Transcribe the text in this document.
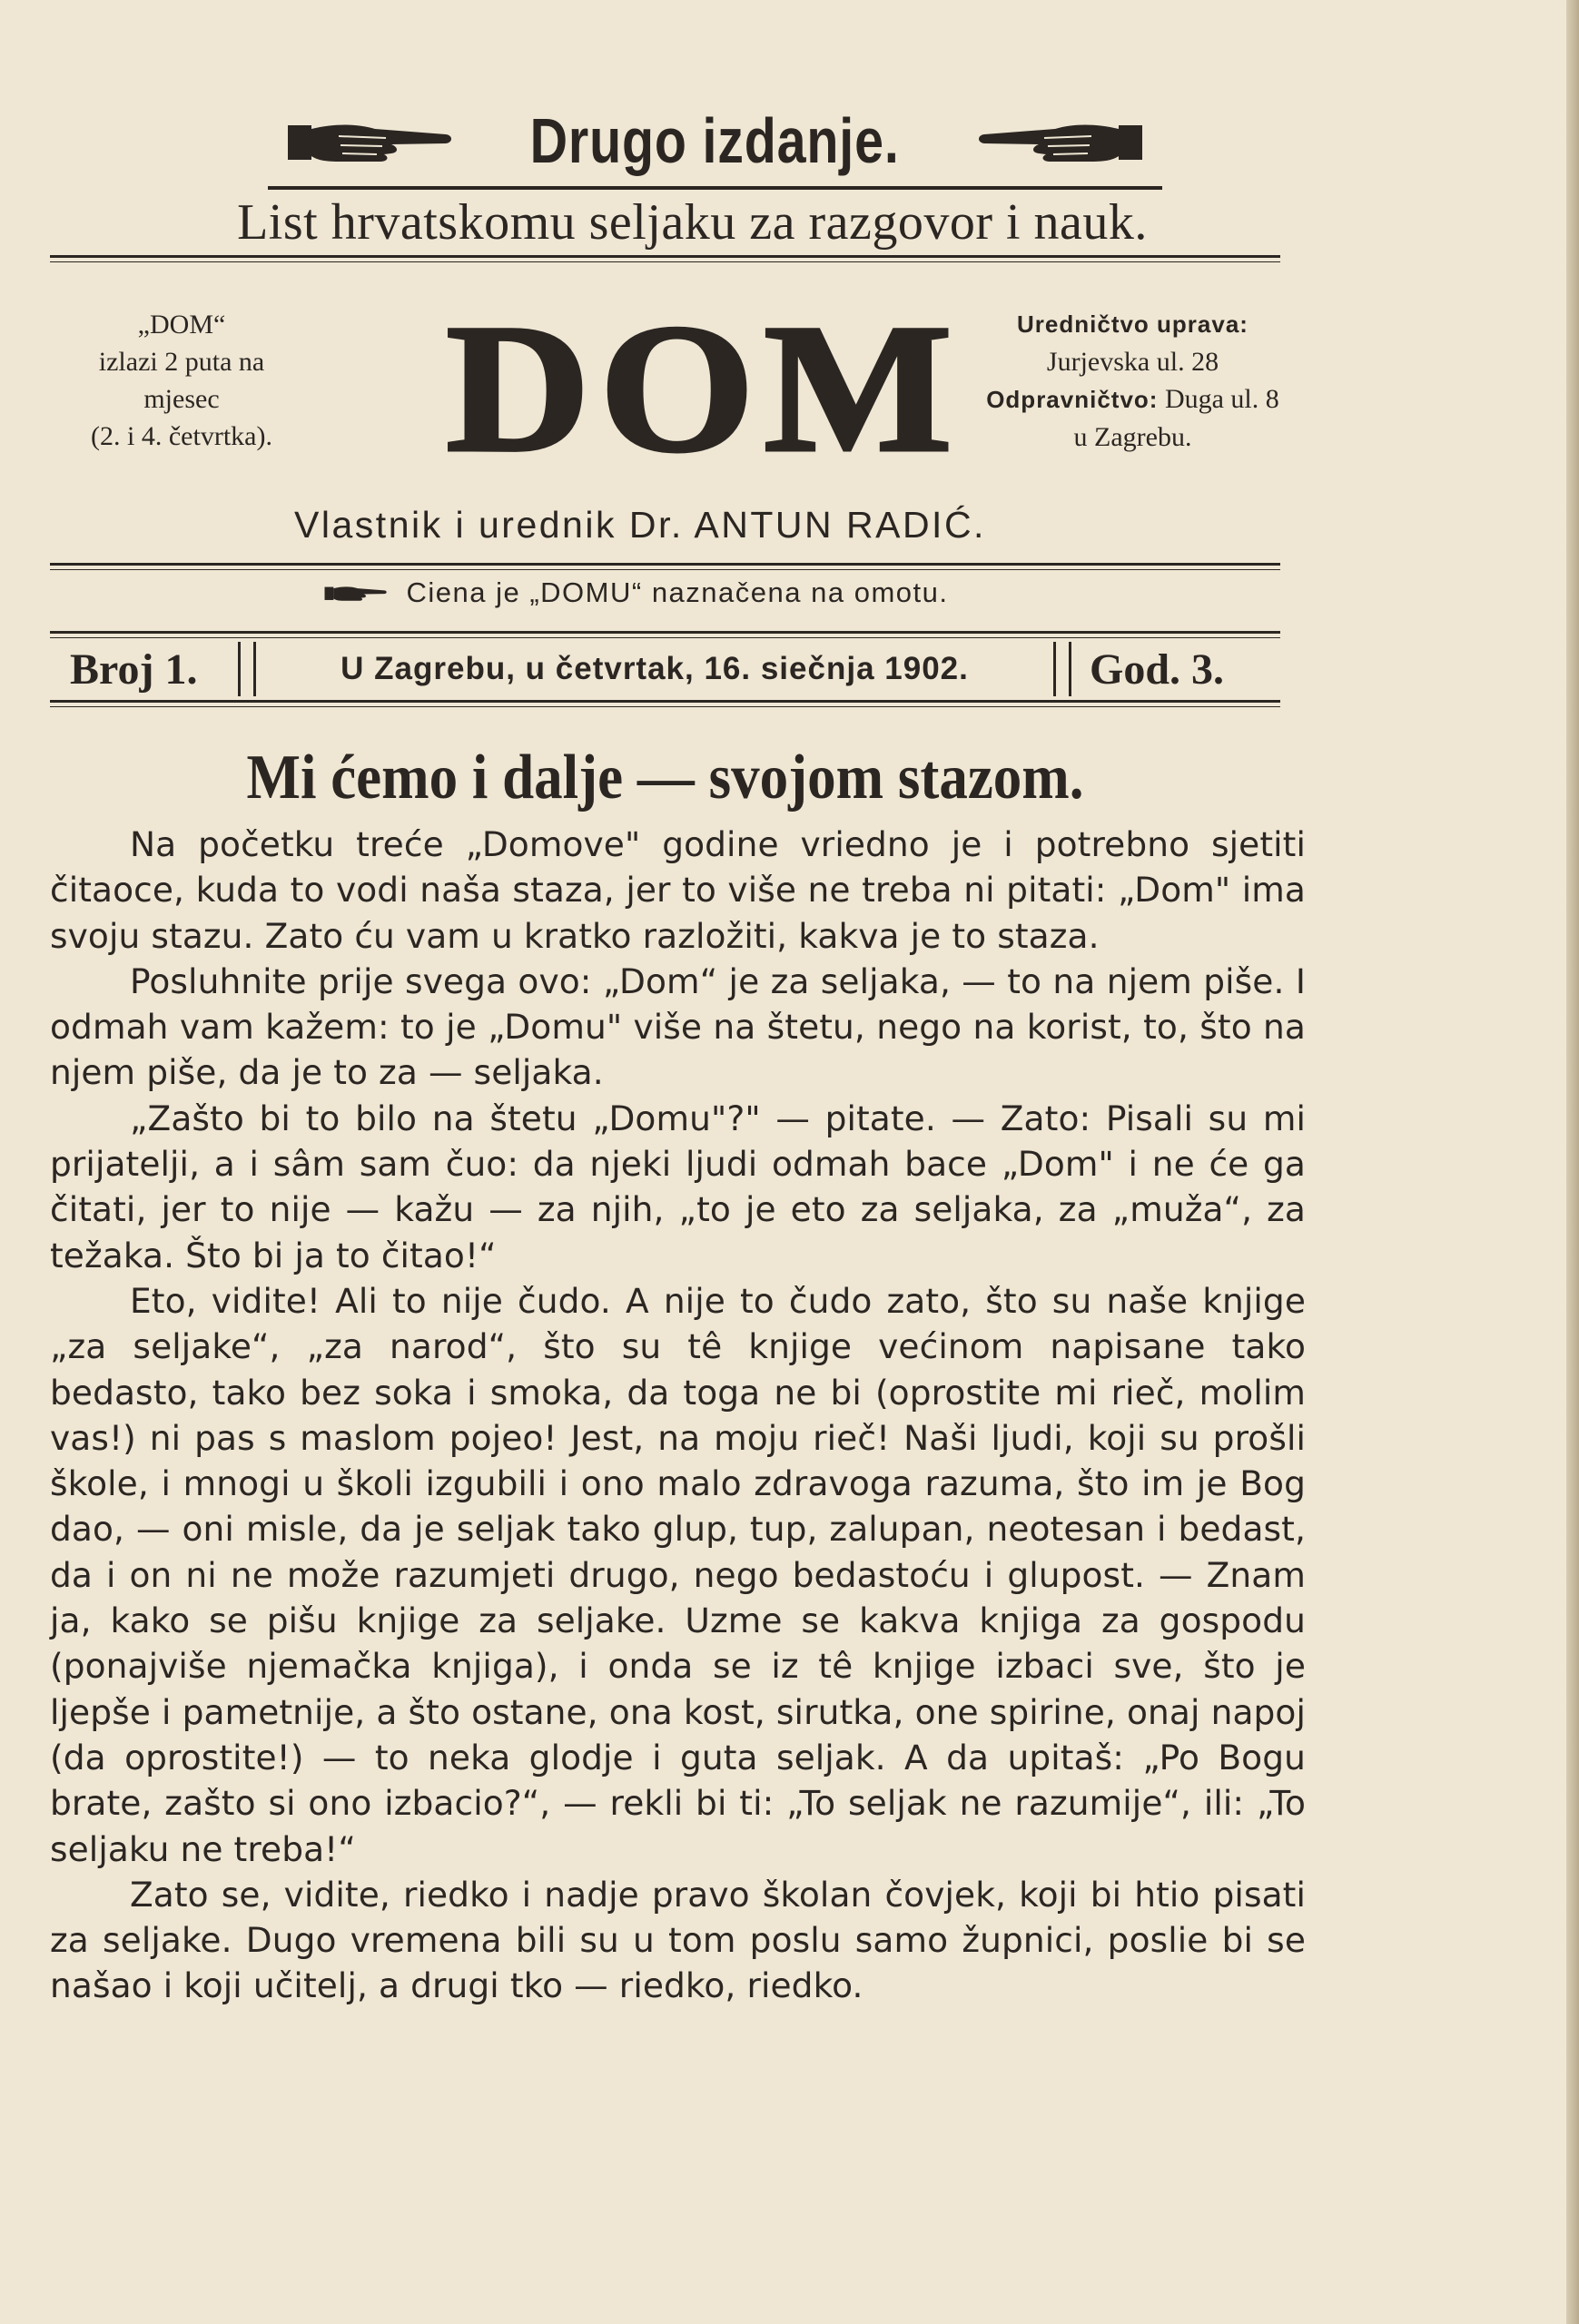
Drugo izdanje.
List hrvatskomu seljaku za razgovor i nauk.
„DOM“
izlazi 2 puta na
mjesec
(2. i 4. četvrtka). DOM	Uredničtvo uprava:
Jurjevska ul. 28
Odpravničtvo: Duga ul. 8
u Zagrebu.
Vlastnik i urednik Dr. ANTUN RADIĆ.
Ciena je „DOMU“ naznačena na omotu.
Broj 1.	U Zagrebu, u četvrtak, 16. siečnja 1902.	God. 3.
Mi ćemo i dalje — svojom stazom.

Na početku treće „Domove" godine vriedno je i potrebno sjetiti čitaoce, kuda to vodi naša staza, jer to više ne treba ni pitati: „Dom" ima svoju stazu. Zato ću vam u kratko razložiti, kakva je to staza.

Posluhnite prije svega ovo: „Dom“ je za seljaka, — to na njem piše. I odmah vam kažem: to je „Domu" više na štetu, nego na korist, to, što na njem piše, da je to za — seljaka.

„Zašto bi to bilo na štetu „Domu"?" — pitate. — Zato: Pisali su mi prijatelji, a i sâm sam čuo: da njeki ljudi odmah bace „Dom" i ne će ga čitati, jer to nije — kažu — za njih, „to je eto za seljaka, za „muža“, za težaka. Što bi ja to čitao!“

Eto, vidite! Ali to nije čudo. A nije to čudo zato, što su naše knjige „za seljake“, „za narod“, što su tê knjige većinom napisane tako bedasto, tako bez soka i smoka, da toga ne bi (oprostite mi rieč, molim vas!) ni pas s maslom pojeo! Jest, na moju rieč! Naši ljudi, koji su prošli škole, i mnogi u školi izgubili i ono malo zdravoga razuma, što im je Bog dao, — oni misle, da je seljak tako glup, tup, zalupan, neotesan i bedast, da i on ni ne može razumjeti drugo, nego bedastoću i glupost. — Znam ja, kako se pišu knjige za seljake. Uzme se kakva knjiga za gospodu (ponajviše njemačka knjiga), i onda se iz tê knjige izbaci sve, što je ljepše i pametnije, a što ostane, ona kost, sirutka, one spirine, onaj napoj (da oprostite!) — to neka glodje i guta seljak. A da upitaš: „Po Bogu brate, zašto si ono izbacio?“, — rekli bi ti: „To seljak ne razumije“, ili: „To seljaku ne treba!“

Zato se, vidite, riedko i nadje pravo školan čovjek, koji bi htio pisati za seljake. Dugo vremena bili su u tom poslu samo župnici, poslie bi se našao i koji učitelj, a drugi tko — riedko, riedko.
